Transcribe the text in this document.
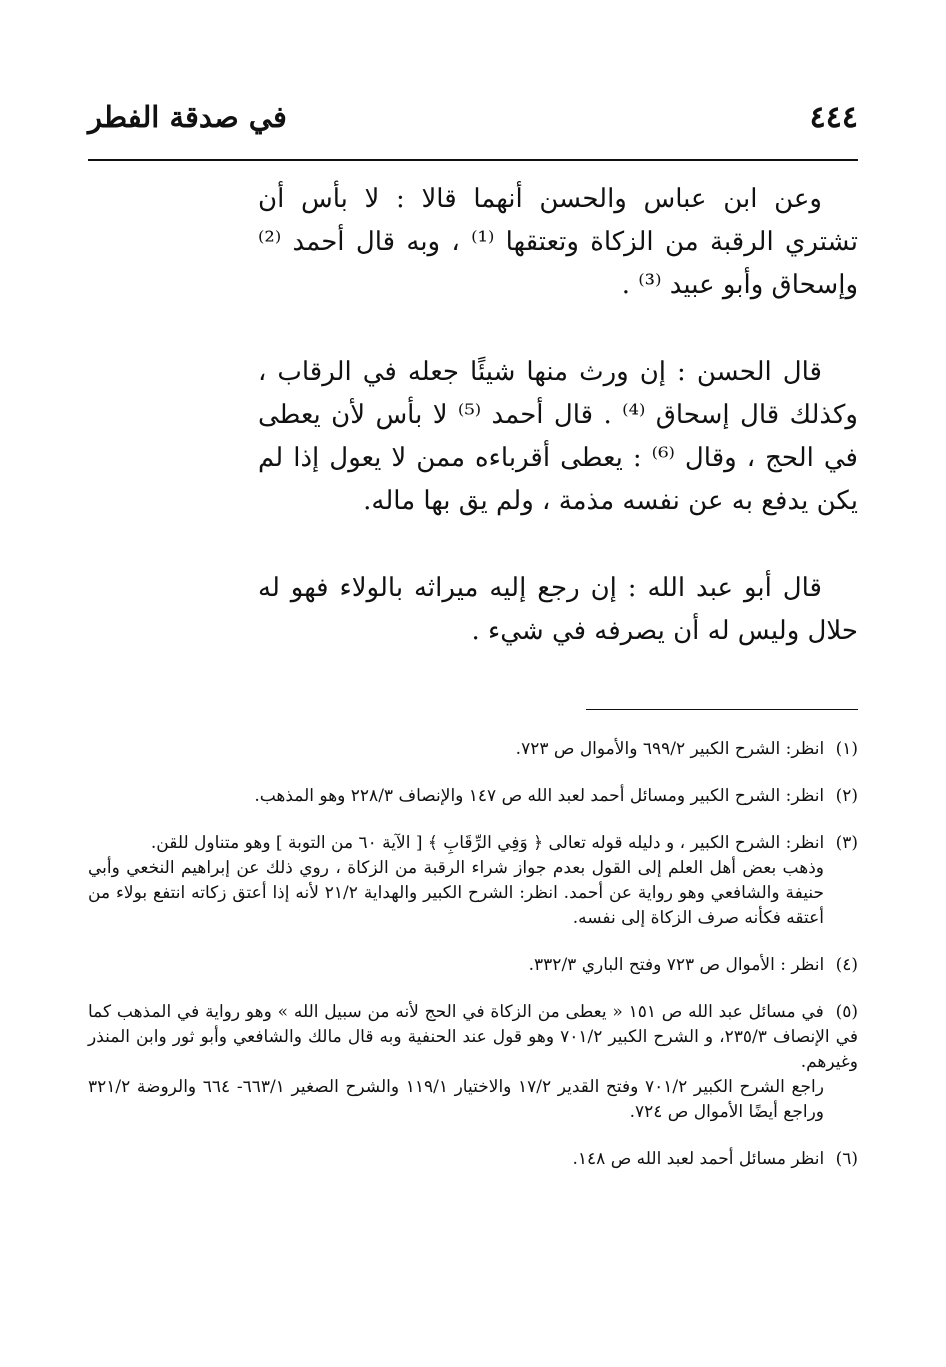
٤٤٤
في صدقة الفطر

وعن ابن عباس والحسن أنهما قالا : لا بأس أن تشتري الرقبة من الزكاة وتعتقها ⁽¹⁾ ، وبه قال أحمد ⁽²⁾ وإسحاق وأبو عبيد ⁽³⁾ .

قال الحسن : إن ورث منها شيئًا جعله في الرقاب ، وكذلك قال إسحاق ⁽⁴⁾ . قال أحمد ⁽⁵⁾ لا بأس لأن يعطى في الحج ، وقال ⁽⁶⁾ : يعطى أقرباءه ممن لا يعول إذا لم يكن يدفع به عن نفسه مذمة ، ولم يق بها ماله.

قال أبو عبد الله : إن رجع إليه ميراثه بالولاء فهو له حلال وليس له أن يصرفه في شيء .

(١) انظر: الشرح الكبير ٦٩٩/٢ والأموال ص ٧٢٣.
(٢) انظر: الشرح الكبير ومسائل أحمد لعبد الله ص ١٤٧ والإنصاف ٢٢٨/٣ وهو المذهب.
(٣) انظر: الشرح الكبير ، و دليله قوله تعالى ﴿ وَفِي الرِّقَابِ ﴾ [ الآية ٦٠ من التوبة ] وهو متناول للقن.

وذهب بعض أهل العلم إلى القول بعدم جواز شراء الرقبة من الزكاة ، روي ذلك عن إبراهيم النخعي وأبي حنيفة والشافعي وهو رواية عن أحمد. انظر: الشرح الكبير والهداية ٢١/٢ لأنه إذا أعتق زكاته انتفع بولاء من أعتقه فكأنه صرف الزكاة إلى نفسه.

(٤) انظر : الأموال ص ٧٢٣ وفتح الباري ٣٣٢/٣.
(٥) في مسائل عبد الله ص ١٥١ « يعطى من الزكاة في الحج لأنه من سبيل الله » وهو رواية في المذهب كما في الإنصاف ٢٣٥/٣، و الشرح الكبير ٧٠١/٢ وهو قول عند الحنفية وبه قال مالك والشافعي وأبو ثور وابن المنذر وغيرهم.

راجع الشرح الكبير ٧٠١/٢ وفتح القدير ١٧/٢ والاختيار ١١٩/١ والشرح الصغير ٦٦٣/١- ٦٦٤ والروضة ٣٢١/٢ وراجع أيضًا الأموال ص ٧٢٤.

(٦) انظر مسائل أحمد لعبد الله ص ١٤٨.
